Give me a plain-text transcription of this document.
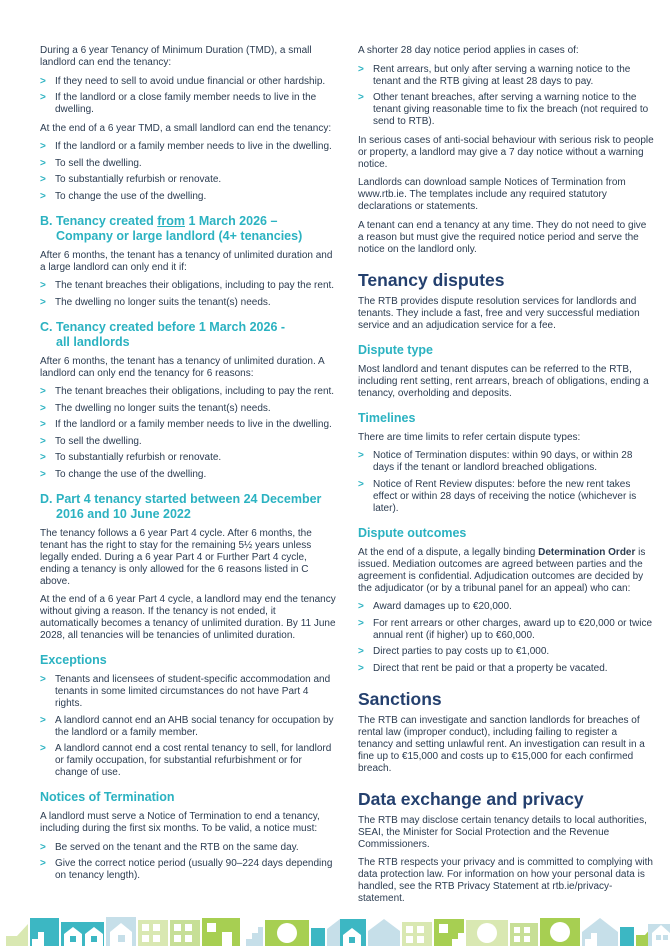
During a 6 year Tenancy of Minimum Duration (TMD), a small landlord can end the tenancy:

> If they need to sell to avoid undue financial or other hardship.
> If the landlord or a close family member needs to live in the dwelling.

At the end of a 6 year TMD, a small landlord can end the tenancy:

> If the landlord or a family member needs to live in the dwelling.
> To sell the dwelling.
> To substantially refurbish or renovate.
> To change the use of the dwelling.
B. Tenancy created from 1 March 2026 –
Company or large landlord (4+ tenancies)

After 6 months, the tenant has a tenancy of unlimited duration and a large landlord can only end it if:

> The tenant breaches their obligations, including to pay the rent.
> The dwelling no longer suits the tenant(s) needs.
C. Tenancy created before 1 March 2026 -
all landlords

After 6 months, the tenant has a tenancy of unlimited duration. A landlord can only end the tenancy for 6 reasons:

> The tenant breaches their obligations, including to pay the rent.
> The dwelling no longer suits the tenant(s) needs.
> If the landlord or a family member needs to live in the dwelling.
> To sell the dwelling.
> To substantially refurbish or renovate.
> To change the use of the dwelling.
D. Part 4 tenancy started between 24 December
2016 and 10 June 2022

The tenancy follows a 6 year Part 4 cycle. After 6 months, the tenant has the right to stay for the remaining 5½ years unless legally ended. During a 6 year Part 4 or Further Part 4 cycle, ending a tenancy is only allowed for the 6 reasons listed in C above.

At the end of a 6 year Part 4 cycle, a landlord may end the tenancy without giving a reason. If the tenancy is not ended, it automatically becomes a tenancy of unlimited duration. By 11 June 2028, all tenancies will be tenancies of unlimited duration.

Exceptions
> Tenants and licensees of student-specific accommodation and tenants in some limited circumstances do not have Part 4 rights.
> A landlord cannot end an AHB social tenancy for occupation by the landlord or a family member.
> A landlord cannot end a cost rental tenancy to sell, for landlord or family occupation, for substantial refurbishment or for change of use.
Notices of Termination

A landlord must serve a Notice of Termination to end a tenancy, including during the first six months. To be valid, a notice must:

> Be served on the tenant and the RTB on the same day.
> Give the correct notice period (usually 90–224 days depending on tenancy length).

A shorter 28 day notice period applies in cases of:

> Rent arrears, but only after serving a warning notice to the tenant and the RTB giving at least 28 days to pay.
> Other tenant breaches, after serving a warning notice to the tenant giving reasonable time to fix the breach (not required to send to RTB).

In serious cases of anti-social behaviour with serious risk to people or property, a landlord may give a 7 day notice without a warning notice.

Landlords can download sample Notices of Termination from www.rtb.ie. The templates include any required statutory declarations or statements.

A tenant can end a tenancy at any time. They do not need to give a reason but must give the required notice period and serve the notice on the landlord only.

Tenancy disputes

The RTB provides dispute resolution services for landlords and tenants. They include a fast, free and very successful mediation service and an adjudication service for a fee.

Dispute type

Most landlord and tenant disputes can be referred to the RTB, including rent setting, rent arrears, breach of obligations, ending a tenancy, overholding and deposits.

Timelines

There are time limits to refer certain dispute types:

> Notice of Termination disputes: within 90 days, or within 28 days if the tenant or landlord breached obligations.
> Notice of Rent Review disputes: before the new rent takes effect or within 28 days of receiving the notice (whichever is later).
Dispute outcomes

At the end of a dispute, a legally binding Determination Order is issued. Mediation outcomes are agreed between parties and the agreement is confidential. Adjudication outcomes are decided by the adjudicator (or by a tribunal panel for an appeal) who can:

> Award damages up to €20,000.
> For rent arrears or other charges, award up to €20,000 or twice annual rent (if higher) up to €60,000.
> Direct parties to pay costs up to €1,000.
> Direct that rent be paid or that a property be vacated.
Sanctions

The RTB can investigate and sanction landlords for breaches of rental law (improper conduct), including failing to register a tenancy and setting unlawful rent. An investigation can result in a fine up to €15,000 and costs up to €15,000 for each confirmed breach.

Data exchange and privacy

The RTB may disclose certain tenancy details to local authorities, SEAI, the Minister for Social Protection and the Revenue Commissioners.

The RTB respects your privacy and is committed to complying with data protection law. For information on how your personal data is handled, see the RTB Privacy Statement at rtb.ie/privacy-statement.
